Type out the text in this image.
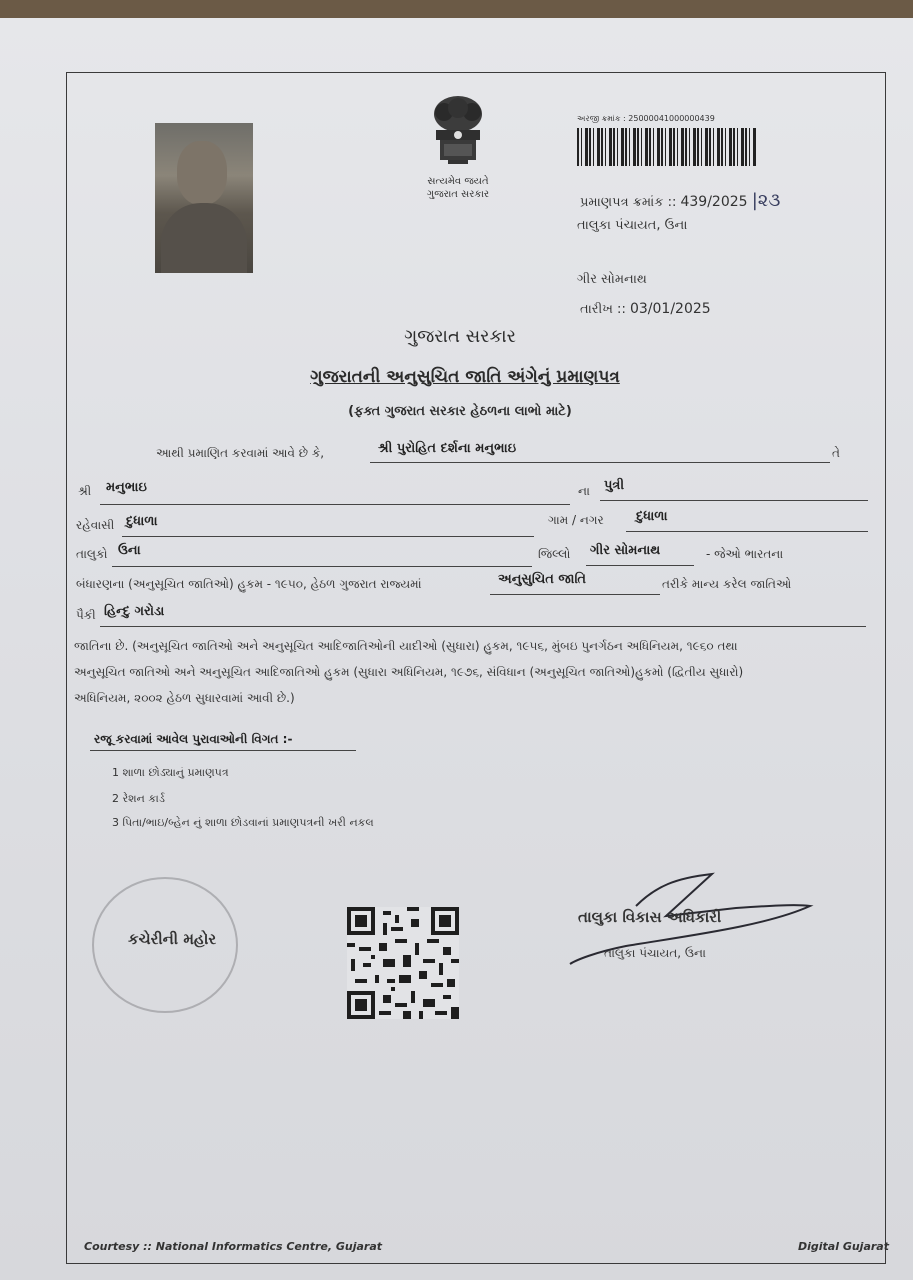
સત્યમેવ જયતે
ગુજરાત સરકાર
અરજી ક્રમાંક : 25000041000000439
પ્રમાણપત્ર ક્રમાંક :: 439/2025 |૨૩
તાલુકા પંચાયત, ઉના
ગીર સોમનાથ
તારીખ :: 03/01/2025
ગુજરાત સરકાર
ગુજરાતની અનુસુચિત જાતિ અંગેનું પ્રમાણપત્ર
(ફક્ત ગુજરાત સરકાર હેઠળના લાભો માટે)
આથી પ્રમાણિત કરવામાં આવે છે કે,	શ્રી પુરોહિત દર્શના મનુભાઇ	તે
શ્રી મનુભાઇ	ના પુત્રી
રહેવાસી દુધાળા	ગામ / નગર દુધાળા
તાલુકો ઉના	જિલ્લો ગીર સોમનાથ	- જેઓ ભારતના
બંધારણના (અનુસૂચિત જાતિઓ) હુકમ - ૧૯૫૦, હેઠળ ગુજરાત રાજ્યમાં	અનુસુચિત જાતિ	તરીકે માન્ય કરેલ જાતિઓ
પૈકી હિન્દુ ગરોડા
જાતિના છે. (અનુસૂચિત જાતિઓ અને અનુસૂચિત આદિજાતિઓની યાદીઓ (સુધારા) હુકમ, ૧૯૫૬, મુંબઇ પુનર્ગઠન અધિનિયમ, ૧૯૬૦ તથા
અનુસૂચિત જાતિઓ અને અનુસૂચિત આદિજાતિઓ હુકમ (સુધારા અધિનિયમ, ૧૯૭૬, સંવિધાન (અનુસૂચિત જાતિઓ)હુકમો (દ્વિતીય સુધારો)
અધિનિયમ, ૨૦૦૨ હેઠળ સુધારવામાં આવી છે.)
રજૂ કરવામાં આવેલ પુરાવાઓની વિગત :-
1 શાળા છોડ્યાનું પ્રમાણપત્ર
2 રેશન કાર્ડ
3 પિતા/ભાઇ/બ્હેન નું શાળા છોડવાનાં પ્રમાણપત્રની ખરી નકલ
કચેરીની મહોર
તાલુકા વિકાસ અધિકારી
તાલુકા પંચાયત, ઉના
Courtesy :: National Informatics Centre, Gujarat	Digital Gujarat
